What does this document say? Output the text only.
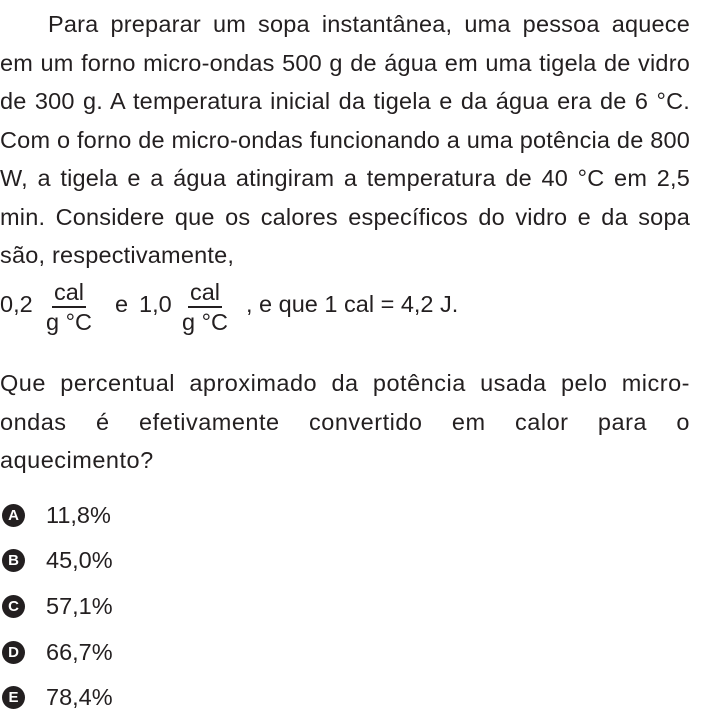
Para preparar um sopa instantânea, uma pessoa aquece em um forno micro-ondas 500 g de água em uma tigela de vidro de 300 g. A temperatura inicial da tigela e da água era de 6 °C. Com o forno de micro-ondas funcionando a uma potência de 800 W, a tigela e a água atingiram a temperatura de 40 °C em 2,5 min. Considere que os calores específicos do vidro e da sopa são, respectivamente,

0,2 cal
g °C
e 1,0 cal
g °C
, e que 1 cal = 4,2 J.

Que percentual aproximado da potência usada pelo micro-ondas é efetivamente convertido em calor para o aquecimento?

A 11,8%
B 45,0%
C 57,1%
D 66,7%
E 78,4%
